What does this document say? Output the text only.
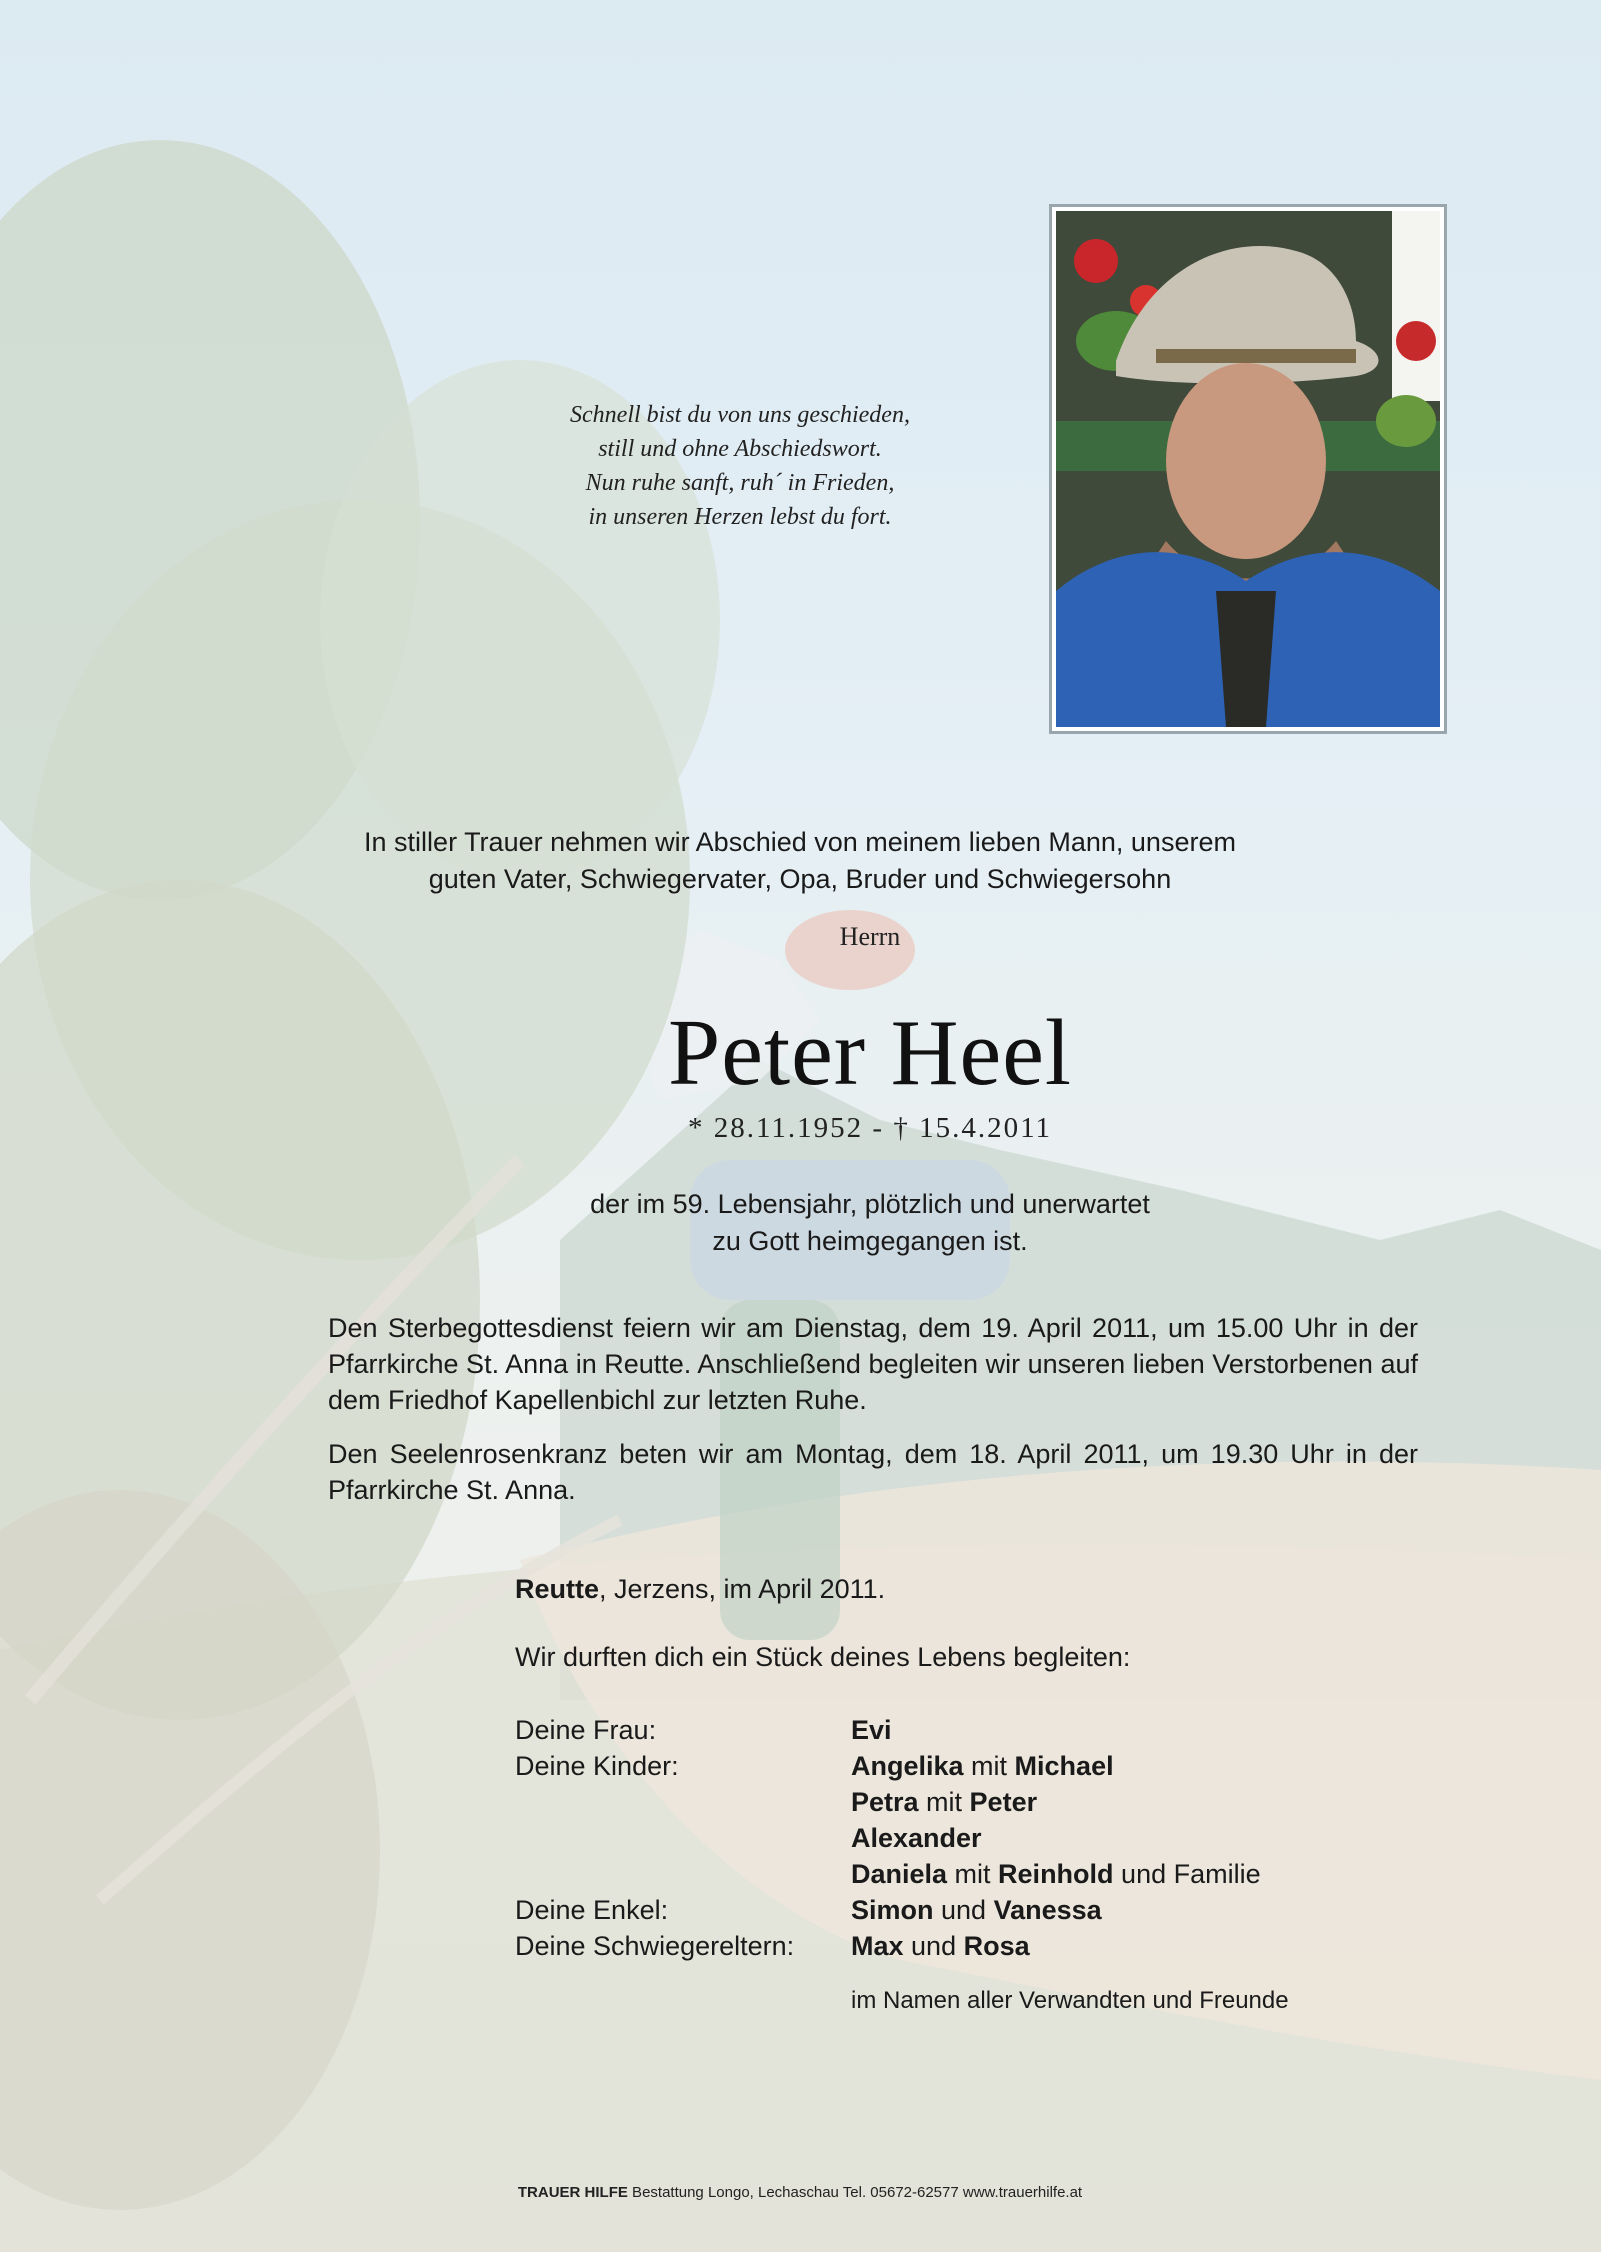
Schnell bist du von uns geschieden,
still und ohne Abschiedswort.
Nun ruhe sanft, ruh´ in Frieden,
in unseren Herzen lebst du fort.
In stiller Trauer nehmen wir Abschied von meinem lieben Mann, unserem
guten Vater, Schwiegervater, Opa, Bruder und Schwiegersohn
Herrn
Peter Heel
* 28.11.1952 - † 15.4.2011
der im 59. Lebensjahr, plötzlich und unerwartet
zu Gott heimgegangen ist.
Den Sterbegottesdienst feiern wir am Dienstag, dem 19. April 2011, um 15.00 Uhr in der Pfarrkirche St. Anna in Reutte. Anschließend begleiten wir unseren lieben Verstorbenen auf dem Friedhof Kapellenbichl zur letzten Ruhe.
Den Seelenrosenkranz beten wir am Montag, dem 18. April 2011, um 19.30 Uhr in der Pfarrkirche St. Anna.
Reutte, Jerzens, im April 2011.
Wir durften dich ein Stück deines Lebens begleiten:
Deine Frau:	Evi
Deine Kinder:	Angelika mit Michael
Petra mit Peter
Alexander
Daniela mit Reinhold und Familie
Deine Enkel:	Simon und Vanessa
Deine Schwiegereltern:	Max und Rosa
im Namen aller Verwandten und Freunde
TRAUER HILFE Bestattung Longo, Lechaschau Tel. 05672-62577 www.trauerhilfe.at
